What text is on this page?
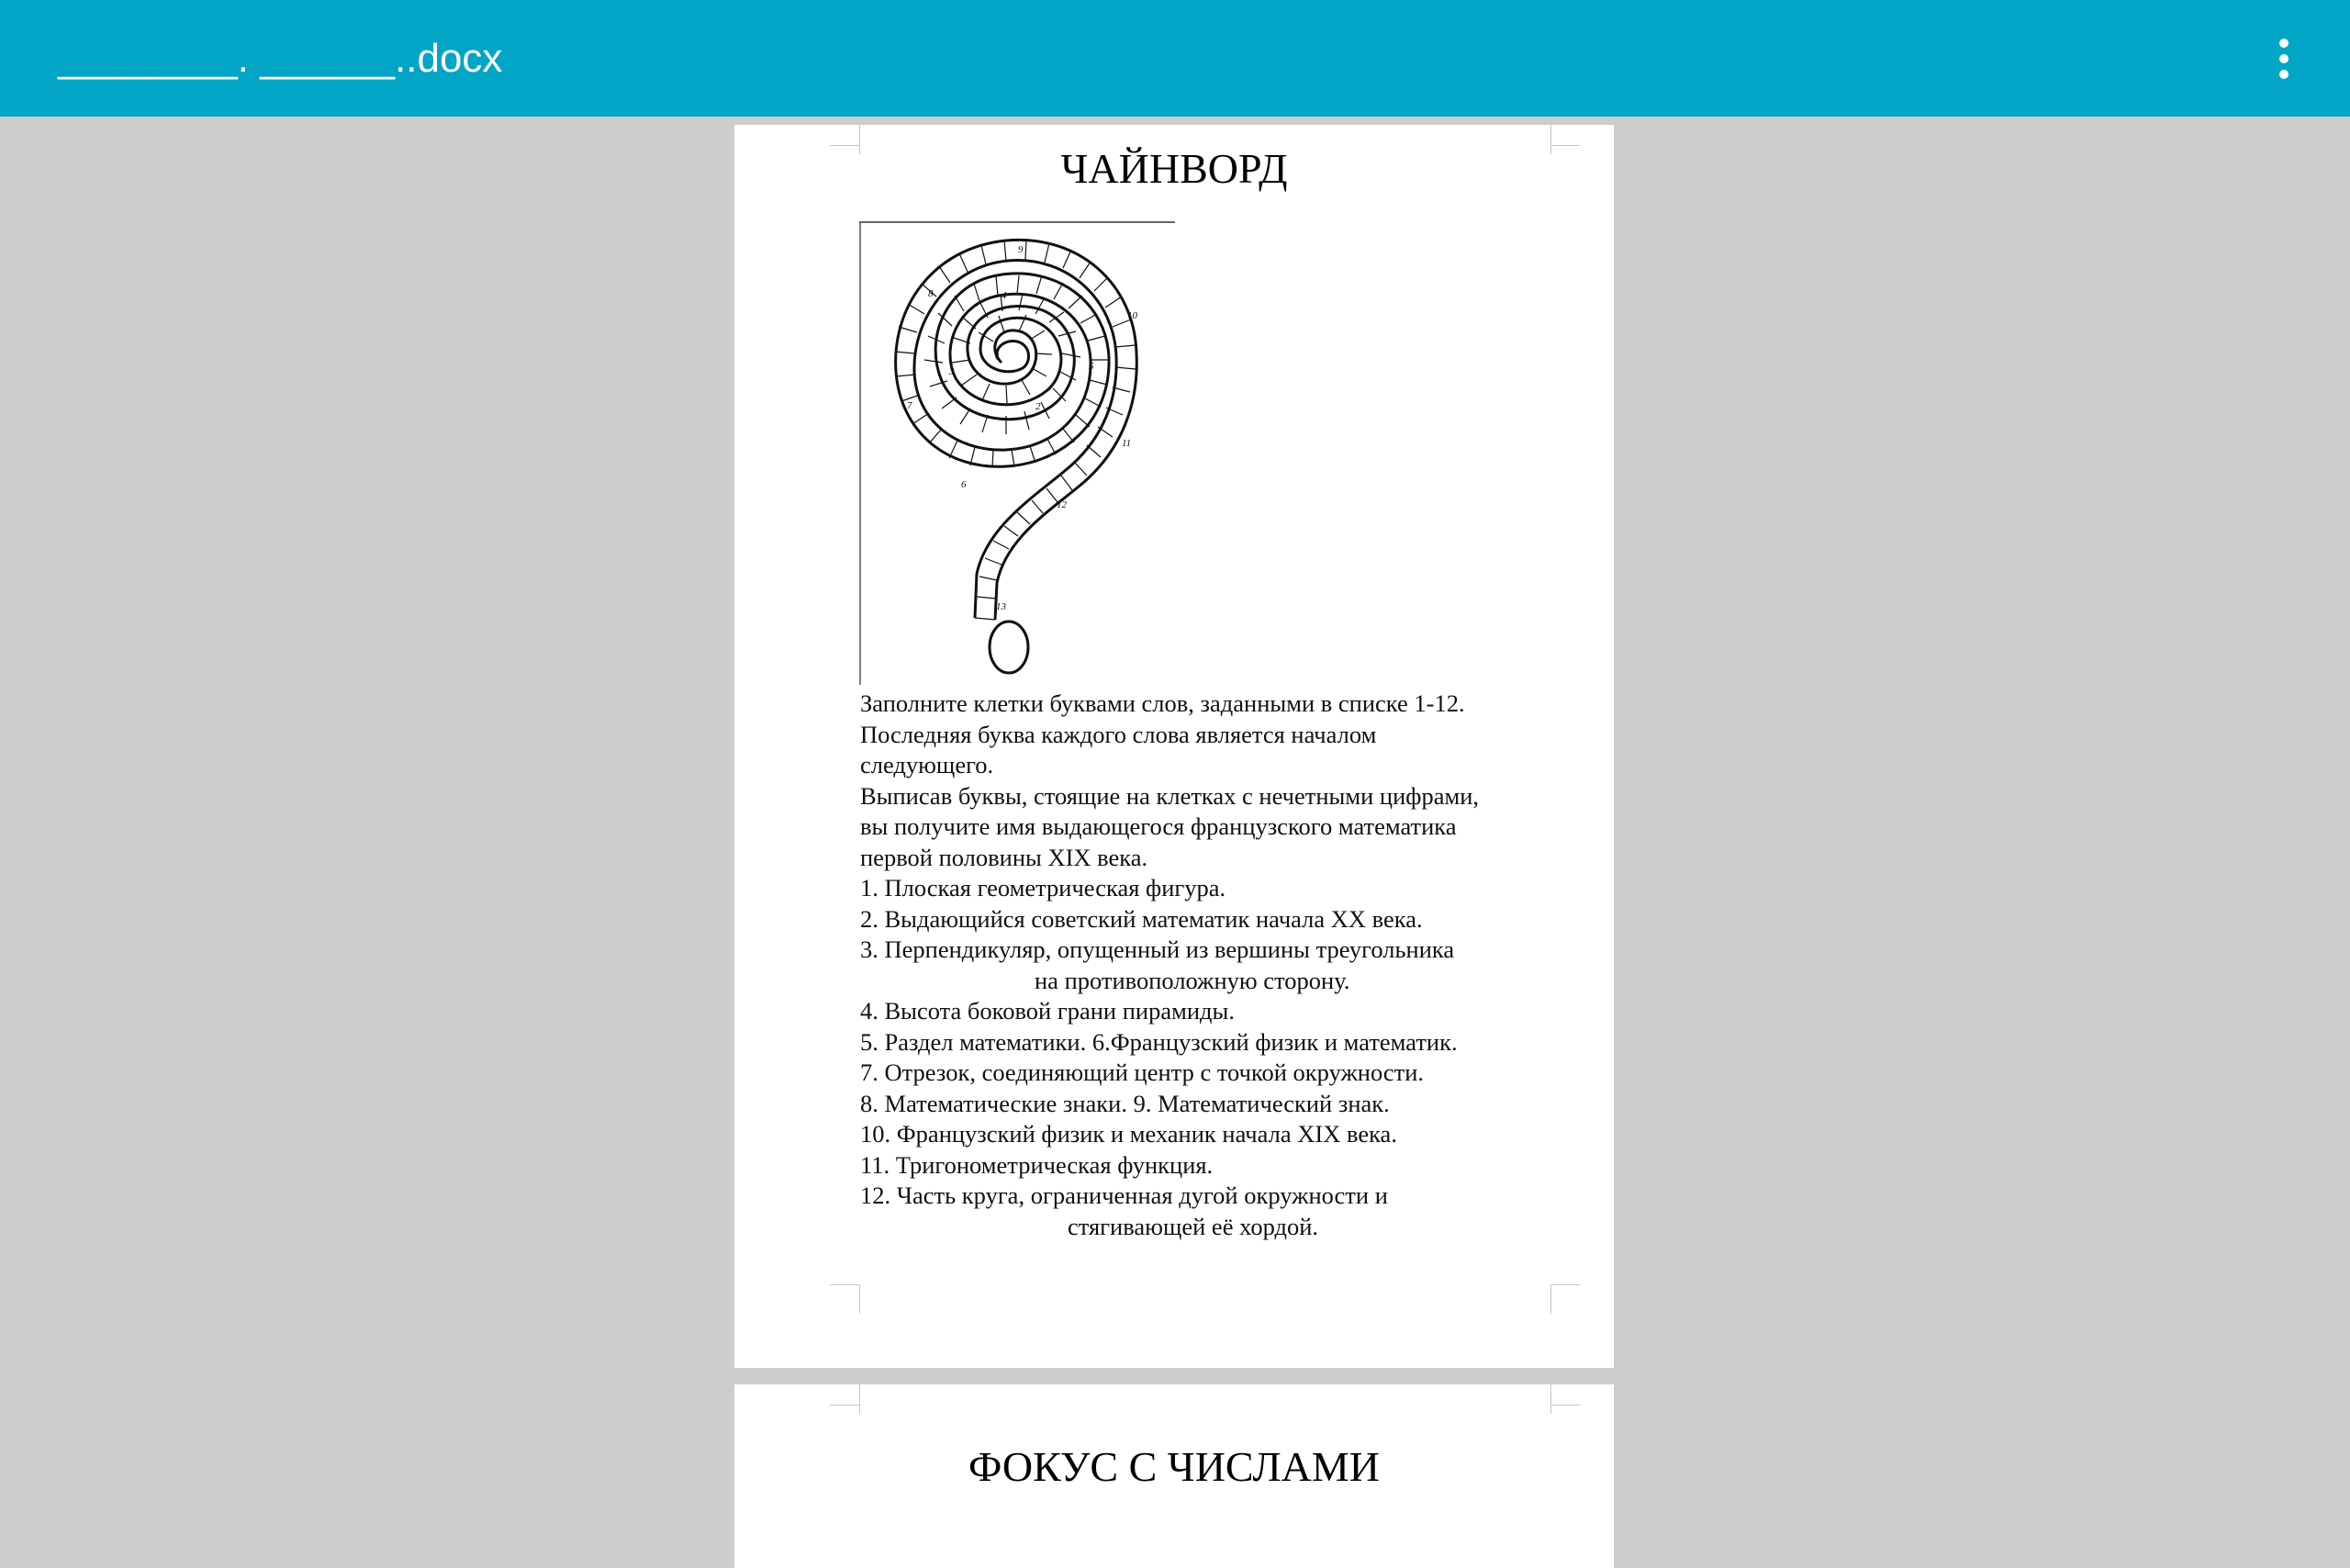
________. ______..docx
ЧАЙНВОРД
1
2
3
4
5
6
7
8
9
10
11
12
13
Заполните клетки буквами слов, заданными в списке 1-12.
Последняя буква каждого слова является началом
следующего.
Выписав буквы, стоящие на клетках с нечетными цифрами,
вы получите имя выдающегося французского математика
первой половины XIX века.
1. Плоская геометрическая фигура.
2. Выдающийся советский математик начала XX века.
3. Перпендикуляр, опущенный из вершины треугольника
на противоположную сторону.
4. Высота боковой грани пирамиды.
5. Раздел математики. 6.Французский физик и математик.
7. Отрезок, соединяющий центр с точкой окружности.
8. Математические знаки. 9. Математический знак.
10. Французский физик и механик начала XIX века.
11. Тригонометрическая функция.
12. Часть круга, ограниченная дугой окружности и
стягивающей её хордой.
ФОКУС С ЧИСЛАМИ
